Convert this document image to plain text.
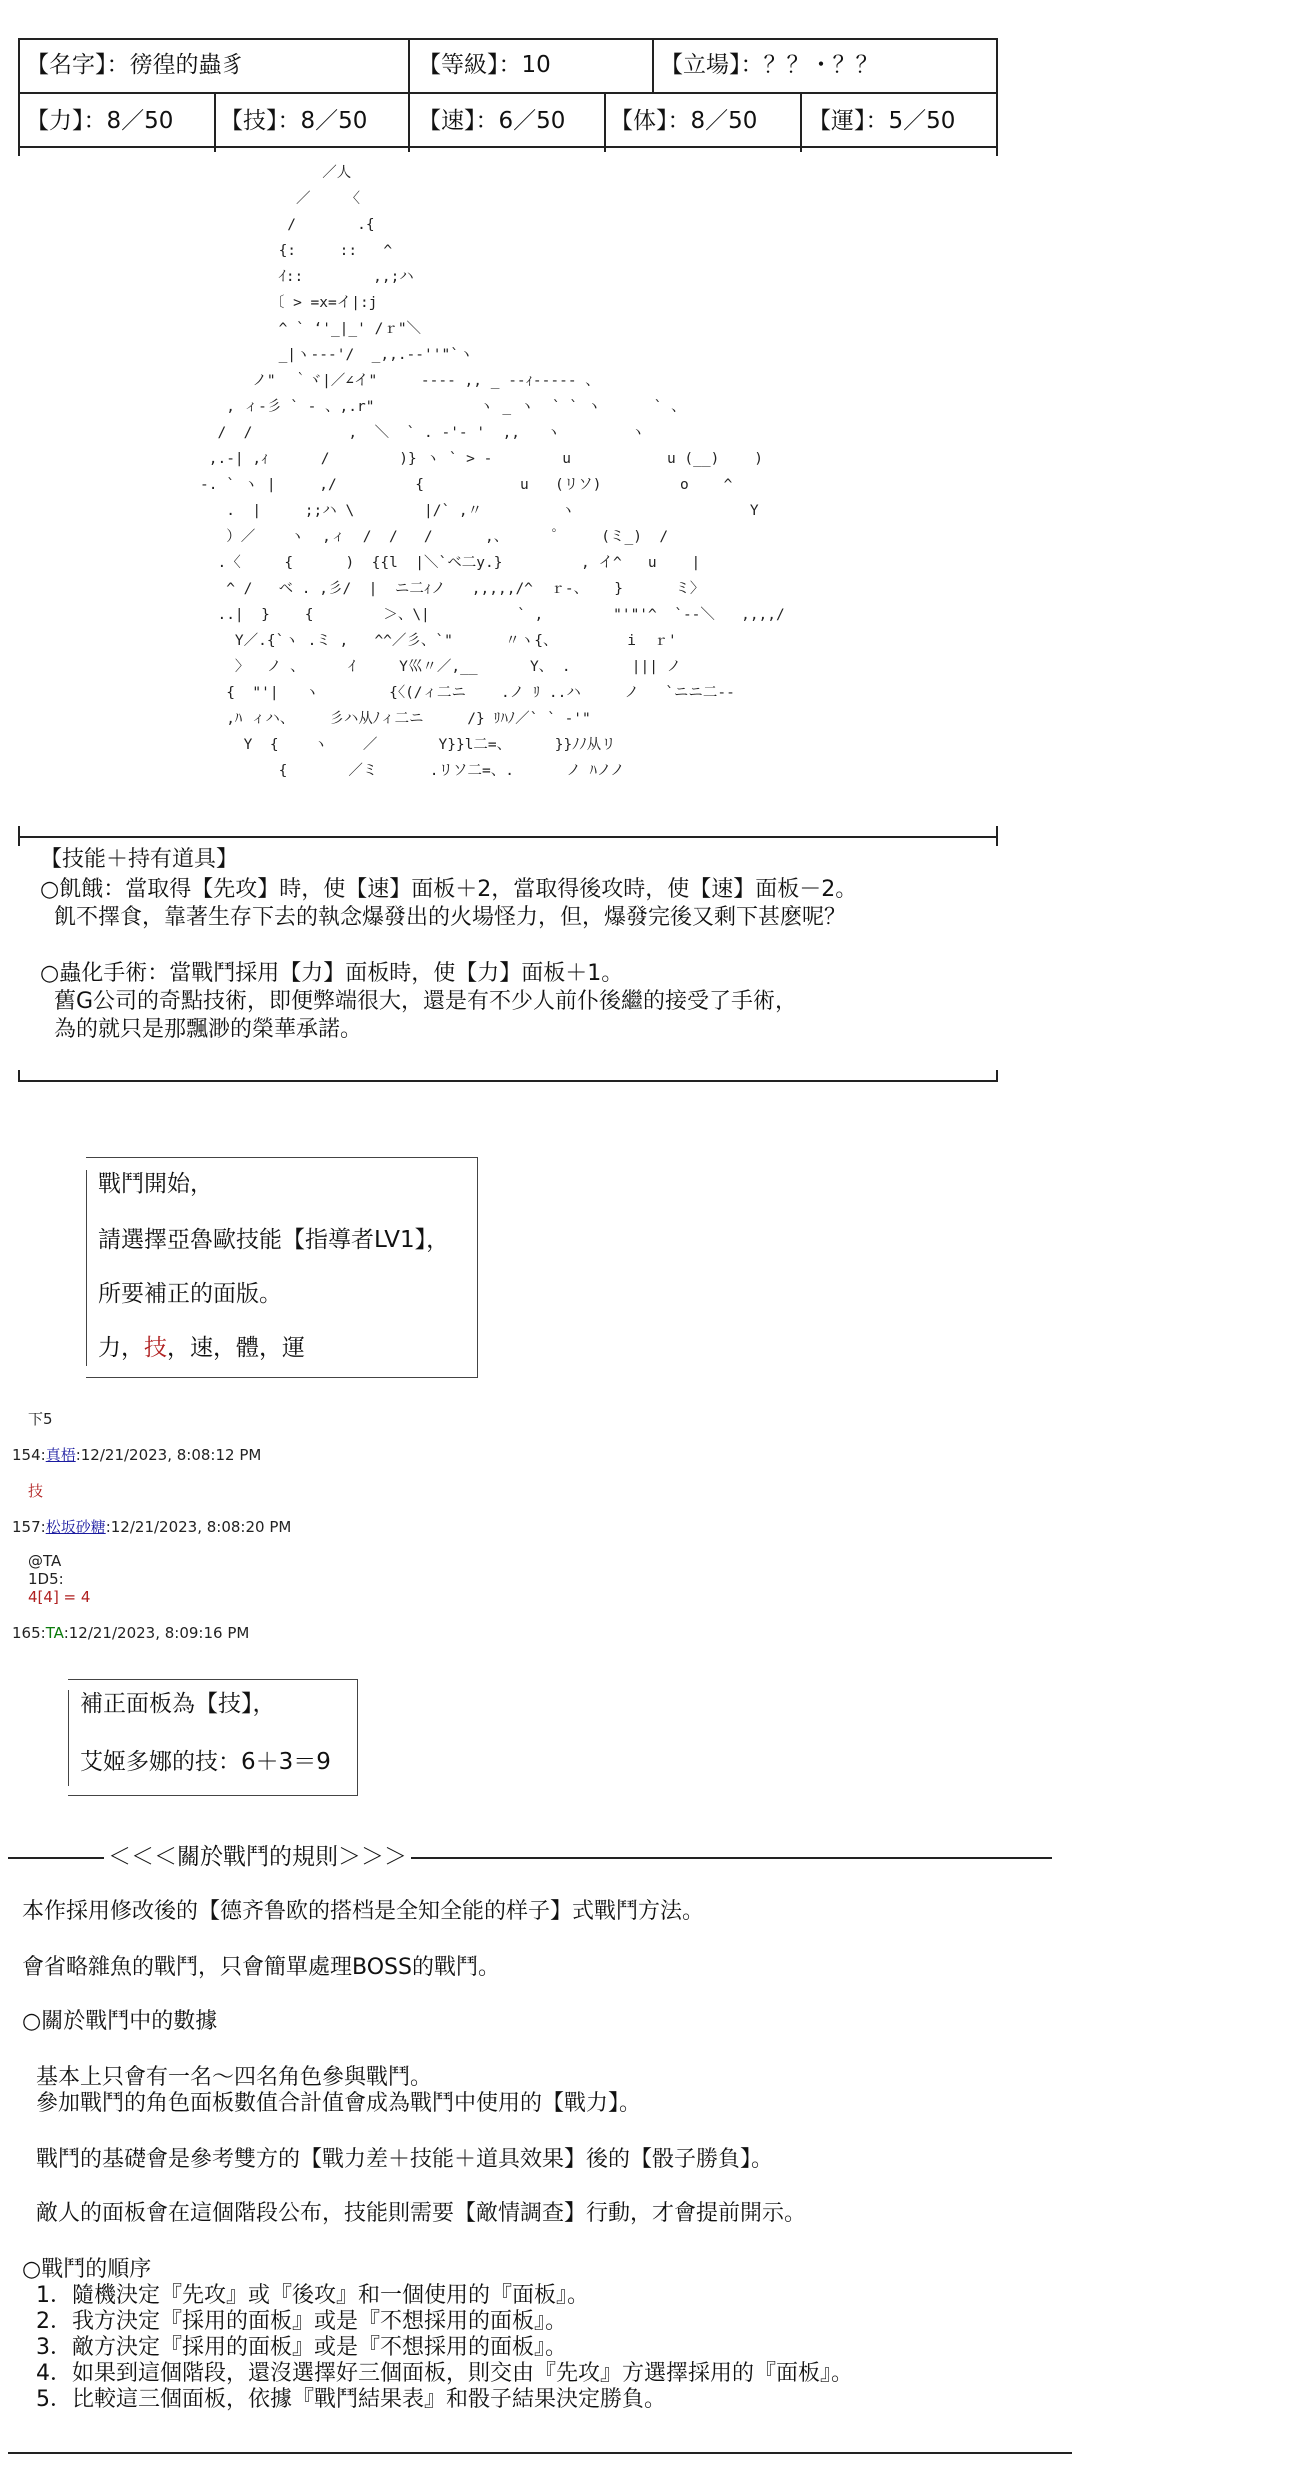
【名字】：徬徨的蟲豸	【等級】：10	【立場】：？？・？？
【力】：8／50 【技】：8／50 【速】：6／50 【体】：8／50 【運】：5／50
／人
／    〈
/       .{
{:     ::   ^
ｲ::        ,,;ハ
〔 > =x=イ|:j
^ ` ‘'_|_' /ｒ"＼
_|ヽ‐‐‐'/  _,,.-‐''"`ヽ
ノ"  ｀ヾ|／∠イ"     ‐‐‐- ,, _ ‐-ｨ‐‐‐‐‐ 、
, ィ‐彡 ` ‐ 、,.r"            ヽ _ ヽ  ` ` ヽ      ` 、
/  /           ,  ＼  ` . -'‐ '  ,,   ヽ        ヽ
,.-| ,ｨ      /        )} ヽ ` > -        u           u (__)    )
-. ` ヽ |     ,/         {           u   (リソ)         o    ^
.  |     ;;ハ \        |/` ,〃         ヽ                    Y
）／    ヽ  ,ィ  /  /   /      ,、     ゜    (ミ_)  /
.〈     {      )  {{l  |＼`ベ二y.}         , イ^   u    |
^ /   ベ . ,彡/  |  ニ二ｨノ   ,,,,,/^  ｒ‐、   }      ミ〉
..|  }    {        ＞、\|          ` ,        "'"'^  `‐‐＼   ,,,,/
Y／.{`ヽ .ミ ,   ^^／彡、`"      〃ヽ{、        i  ｒ'
〉  ノ 、     ｲ     Y巛〃／,__      Y、 .       ||| ノ
{  "'|   ヽ        {〈(/ィ二ニ    .ノ ﾘ ..ハ     ノ   `ニニ二‐‐
,ﾊ ィハ、    彡ハ从ﾉィ二ニ     /} ﾘﾊﾉ／` ` ‐'"
Y  {    ヽ    ／       Y}}l二=、     }}ﾉﾉ从リ
{       ／ミ      .リソ二=、.      ノ ﾊノノ
【技能＋持有道具】
○飢餓：當取得【先攻】時，使【速】面板＋2，當取得後攻時，使【速】面板－2。
飢不擇食，靠著生存下去的執念爆發出的火場怪力，但，爆發完後又剩下甚麽呢？
○蟲化手術：當戰鬥採用【力】面板時，使【力】面板＋1。
舊G公司的奇點技術，即便弊端很大，還是有不少人前仆後繼的接受了手術，
為的就只是那飄渺的榮華承諾。
戰鬥開始，
請選擇亞魯歐技能【指導者LV1】，
所要補正的面版。
力，技，速，體，運
下5
154:真梧:12/21/2023, 8:08:12 PM
技
157:松坂砂糖:12/21/2023, 8:08:20 PM
@TA
1D5:
4[4] = 4
165:TA:12/21/2023, 8:09:16 PM
補正面板為【技】，
艾姬多娜的技：6＋3＝9
＜＜＜關於戰鬥的規則＞＞＞
本作採用修改後的【德齐鲁欧的搭档是全知全能的样子】式戰鬥方法。
會省略雜魚的戰鬥，只會簡單處理BOSS的戰鬥。
○關於戰鬥中的數據
基本上只會有一名～四名角色參與戰鬥。
參加戰鬥的角色面板數值合計值會成為戰鬥中使用的【戰力】。
戰鬥的基礎會是參考雙方的【戰力差＋技能＋道具效果】後的【骰子勝負】。
敵人的面板會在這個階段公布，技能則需要【敵情調查】行動，才會提前開示。
○戰鬥的順序
1．隨機決定『先攻』或『後攻』和一個使用的『面板』。
2．我方決定『採用的面板』或是『不想採用的面板』。
3．敵方決定『採用的面板』或是『不想採用的面板』。
4．如果到這個階段，還沒選擇好三個面板，則交由『先攻』方選擇採用的『面板』。
5．比較這三個面板，依據『戰鬥結果表』和骰子結果決定勝負。
